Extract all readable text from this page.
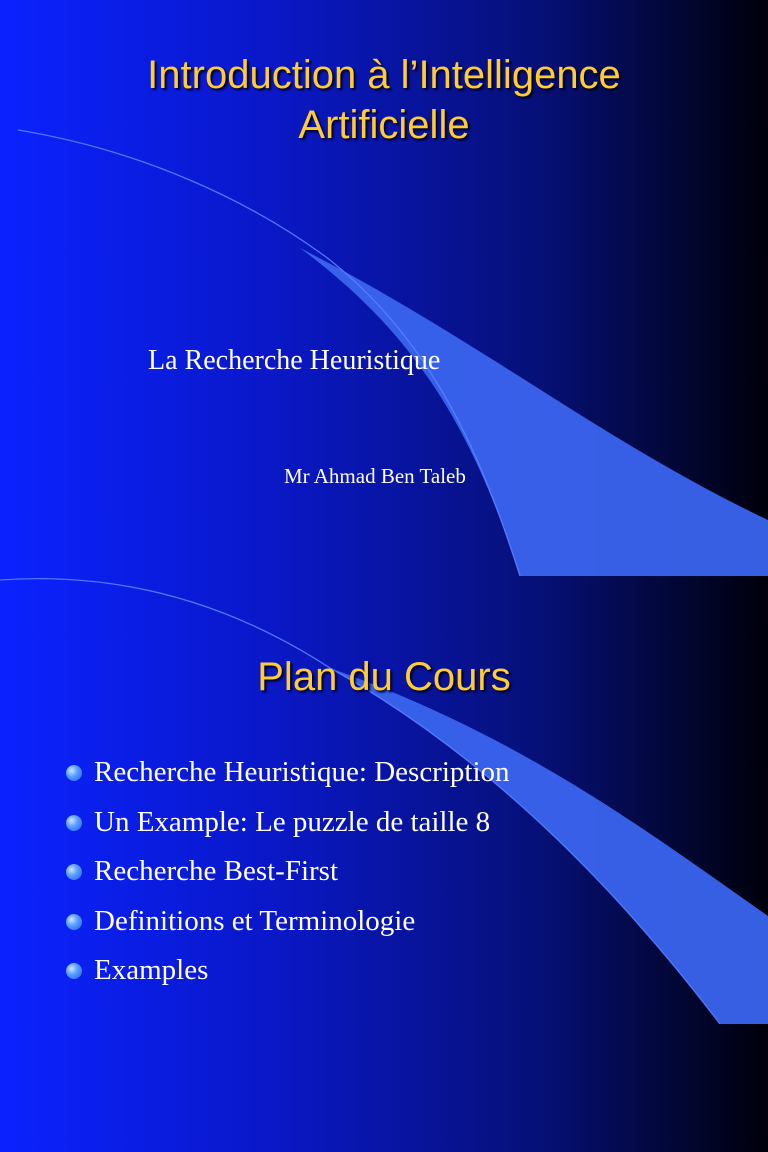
Introduction à l’Intelligence
Artificielle
La Recherche Heuristique
Mr Ahmad Ben Taleb
Plan du Cours
Recherche Heuristique: Description
Un Example: Le puzzle de taille 8
Recherche Best-First
Definitions et Terminologie
Examples
